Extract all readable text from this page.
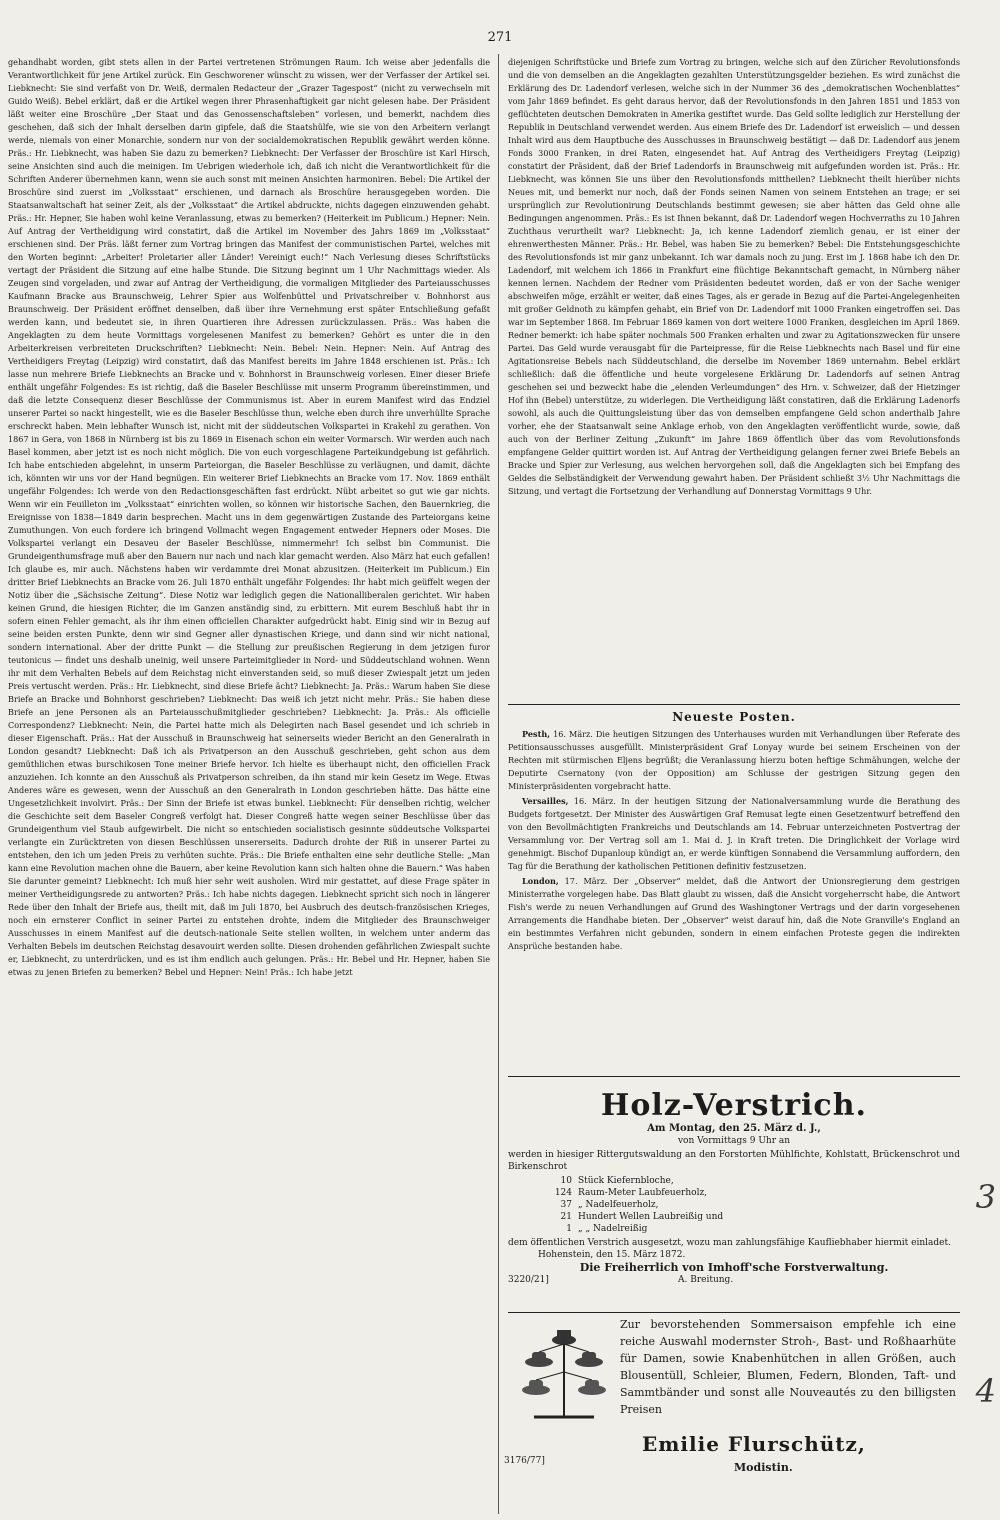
271

gehandhabt worden, gibt stets allen in der Partei vertretenen Strömungen Raum. Ich weise aber jedenfalls die Verantwortlichkeit für jene Artikel zurück. Ein Geschworener wünscht zu wissen, wer der Verfasser der Artikel sei. Liebknecht: Sie sind verfaßt von Dr. Weiß, dermalen Redacteur der „Grazer Tagespost“ (nicht zu verwechseln mit Guido Weiß). Bebel erklärt, daß er die Artikel wegen ihrer Phrasenhaftigkeit gar nicht gelesen habe. Der Präsident läßt weiter eine Broschüre „Der Staat und das Genossenschaftsleben“ vorlesen, und bemerkt, nachdem dies geschehen, daß sich der Inhalt derselben darin gipfele, daß die Staatshülfe, wie sie von den Arbeitern verlangt werde, niemals von einer Monarchie, sondern nur von der socialdemokratischen Republik gewährt werden könne. Präs.: Hr. Liebknecht, was haben Sie dazu zu bemerken? Liebknecht: Der Verfasser der Broschüre ist Karl Hirsch, seine Ansichten sind auch die meinigen. Im Uebrigen wiederhole ich, daß ich nicht die Verantwortlichkeit für die Schriften Anderer übernehmen kann, wenn sie auch sonst mit meinen Ansichten harmoniren. Bebel: Die Artikel der Broschüre sind zuerst im „Volksstaat“ erschienen, und darnach als Broschüre herausgegeben worden. Die Staatsanwaltschaft hat seiner Zeit, als der „Volksstaat“ die Artikel abdruckte, nichts dagegen einzuwenden gehabt. Präs.: Hr. Hepner, Sie haben wohl keine Veranlassung, etwas zu bemerken? (Heiterkeit im Publicum.) Hepner: Nein. Auf Antrag der Vertheidigung wird constatirt, daß die Artikel im November des Jahrs 1869 im „Volksstaat“ erschienen sind. Der Präs. läßt ferner zum Vortrag bringen das Manifest der communistischen Partei, welches mit den Worten beginnt: „Arbeiter! Proletarier aller Länder! Vereinigt euch!“ Nach Verlesung dieses Schriftstücks vertagt der Präsident die Sitzung auf eine halbe Stunde. Die Sitzung beginnt um 1 Uhr Nachmittags wieder. Als Zeugen sind vorgeladen, und zwar auf Antrag der Vertheidigung, die vormaligen Mitglieder des Parteiausschusses Kaufmann Bracke aus Braunschweig, Lehrer Spier aus Wolfenbüttel und Privatschreiber v. Bohnhorst aus Braunschweig. Der Präsident eröffnet denselben, daß über ihre Vernehmung erst später Entschließung gefaßt werden kann, und bedeutet sie, in ihren Quartieren ihre Adressen zurückzulassen. Präs.: Was haben die Angeklagten zu dem heute Vormittags vorgelesenen Manifest zu bemerken? Gehört es unter die in den Arbeiterkreisen verbreiteten Druckschriften? Liebknecht: Nein. Bebel: Nein. Hepner: Nein. Auf Antrag des Vertheidigers Freytag (Leipzig) wird constatirt, daß das Manifest bereits im Jahre 1848 erschienen ist. Präs.: Ich lasse nun mehrere Briefe Liebknechts an Bracke und v. Bohnhorst in Braunschweig vorlesen. Einer dieser Briefe enthält ungefähr Folgendes: Es ist richtig, daß die Baseler Beschlüsse mit unserm Programm übereinstimmen, und daß die letzte Consequenz dieser Beschlüsse der Communismus ist. Aber in eurem Manifest wird das Endziel unserer Partei so nackt hingestellt, wie es die Baseler Beschlüsse thun, welche eben durch ihre unverhüllte Sprache erschreckt haben. Mein lebhafter Wunsch ist, nicht mit der süddeutschen Volkspartei in Krakehl zu gerathen. Von 1867 in Gera, von 1868 in Nürnberg ist bis zu 1869 in Eisenach schon ein weiter Vormarsch. Wir werden auch nach Basel kommen, aber jetzt ist es noch nicht möglich. Die von euch vorgeschlagene Parteikundgebung ist gefährlich. Ich habe entschieden abgelehnt, in unserm Parteiorgan, die Baseler Beschlüsse zu verläugnen, und damit, dächte ich, könnten wir uns vor der Hand begnügen. Ein weiterer Brief Liebknechts an Bracke vom 17. Nov. 1869 enthält ungefähr Folgendes: Ich werde von den Redactionsgeschäften fast erdrückt. Nübt arbeitet so gut wie gar nichts. Wenn wir ein Feuilleton im „Volksstaat“ einrichten wollen, so können wir historische Sachen, den Bauernkrieg, die Ereignisse von 1838—1849 darin besprechen. Macht uns in dem gegenwärtigen Zustande des Parteiorgans keine Zumuthungen. Von euch fordere ich bringend Vollmacht wegen Engagement entweder Hepners oder Moses. Die Volkspartei verlangt ein Desaveu der Baseler Beschlüsse, nimmermehr! Ich selbst bin Communist. Die Grundeigenthumsfrage muß aber den Bauern nur nach und nach klar gemacht werden. Also März hat euch gefallen! Ich glaube es, mir auch. Nächstens haben wir verdammte drei Monat abzusitzen. (Heiterkeit im Publicum.) Ein dritter Brief Liebknechts an Bracke vom 26. Juli 1870 enthält ungefähr Folgendes: Ihr habt mich geüffelt wegen der Notiz über die „Sächsische Zeitung“. Diese Notiz war lediglich gegen die Nationalliberalen gerichtet. Wir haben keinen Grund, die hiesigen Richter, die im Ganzen anständig sind, zu erbittern. Mit eurem Beschluß habt ihr in sofern einen Fehler gemacht, als ihr ihm einen officiellen Charakter aufgedrückt habt. Einig sind wir in Bezug auf seine beiden ersten Punkte, denn wir sind Gegner aller dynastischen Kriege, und dann sind wir nicht national, sondern international. Aber der dritte Punkt — die Stellung zur preußischen Regierung in dem jetzigen furor teutonicus — findet uns deshalb uneinig, weil unsere Parteimitglieder in Nord- und Süddeutschland wohnen. Wenn ihr mit dem Verhalten Bebels auf dem Reichstag nicht einverstanden seid, so muß dieser Zwiespalt jetzt um jeden Preis vertuscht werden. Präs.: Hr. Liebknecht, sind diese Briefe ächt? Liebknecht: Ja. Präs.: Warum haben Sie diese Briefe an Bracke und Bohnhorst geschrieben? Liebknecht: Das weiß ich jetzt nicht mehr. Präs.: Sie haben diese Briefe an jene Personen als an Parteiausschußmitglieder geschrieben? Liebknecht: Ja. Präs.: Als officielle Correspondenz? Liebknecht: Nein, die Partei hatte mich als Delegirten nach Basel gesendet und ich schrieb in dieser Eigenschaft. Präs.: Hat der Ausschuß in Braunschweig hat seinerseits wieder Bericht an den Generalrath in London gesandt? Liebknecht: Daß ich als Privatperson an den Ausschuß geschrieben, geht schon aus dem gemüthlichen etwas burschikosen Tone meiner Briefe hervor. Ich hielte es überhaupt nicht, den officiellen Frack anzuziehen. Ich konnte an den Ausschuß als Privatperson schreiben, da ihn stand mir kein Gesetz im Wege. Etwas Anderes wäre es gewesen, wenn der Ausschuß an den Generalrath in London geschrieben hätte. Das hätte eine Ungesetzlichkeit involvirt. Präs.: Der Sinn der Briefe ist etwas bunkel. Liebknecht: Für denselben richtig, welcher die Geschichte seit dem Baseler Congreß verfolgt hat. Dieser Congreß hatte wegen seiner Beschlüsse über das Grundeigenthum viel Staub aufgewirbelt. Die nicht so entschieden socialistisch gesinnte süddeutsche Volkspartei verlangte ein Zurücktreten von diesen Beschlüssen unsererseits. Dadurch drohte der Riß in unserer Partei zu entstehen, den ich um jeden Preis zu verhüten suchte. Präs.: Die Briefe enthalten eine sehr deutliche Stelle: „Man kann eine Revolution machen ohne die Bauern, aber keine Revolution kann sich halten ohne die Bauern.“ Was haben Sie darunter gemeint? Liebknecht: Ich muß hier sehr weit ausholen. Wird mir gestattet, auf diese Frage später in meiner Vertheidigungsrede zu antworten? Präs.: Ich habe nichts dagegen. Liebknecht spricht sich noch in längerer Rede über den Inhalt der Briefe aus, theilt mit, daß im Juli 1870, bei Ausbruch des deutsch-französischen Krieges, noch ein ernsterer Conflict in seiner Partei zu entstehen drohte, indem die Mitglieder des Braunschweiger Ausschusses in einem Manifest auf die deutsch-nationale Seite stellen wollten, in welchem unter anderm das Verhalten Bebels im deutschen Reichstag desavouirt werden sollte. Diesen drohenden gefährlichen Zwiespalt suchte er, Liebknecht, zu unterdrücken, und es ist ihm endlich auch gelungen. Präs.: Hr. Bebel und Hr. Hepner, haben Sie etwas zu jenen Briefen zu bemerken? Bebel und Hepner: Nein! Präs.: Ich habe jetzt

diejenigen Schriftstücke und Briefe zum Vortrag zu bringen, welche sich auf den Züricher Revolutionsfonds und die von demselben an die Angeklagten gezahlten Unterstützungsgelder beziehen. Es wird zunächst die Erklärung des Dr. Ladendorf verlesen, welche sich in der Nummer 36 des „demokratischen Wochenblattes“ vom Jahr 1869 befindet. Es geht daraus hervor, daß der Revolutionsfonds in den Jahren 1851 und 1853 von geflüchteten deutschen Demokraten in Amerika gestiftet wurde. Das Geld sollte lediglich zur Herstellung der Republik in Deutschland verwendet werden. Aus einem Briefe des Dr. Ladendorf ist erweislich — und dessen Inhalt wird aus dem Hauptbuche des Ausschusses in Braunschweig bestätigt — daß Dr. Ladendorf aus jenem Fonds 3000 Franken, in drei Raten, eingesendet hat. Auf Antrag des Vertheidigers Freytag (Leipzig) constatirt der Präsident, daß der Brief Ladendorfs in Braunschweig mit aufgefunden worden ist. Präs.: Hr. Liebknecht, was können Sie uns über den Revolutionsfonds mittheilen? Liebknecht theilt hierüber nichts Neues mit, und bemerkt nur noch, daß der Fonds seinen Namen von seinem Entstehen an trage; er sei ursprünglich zur Revolutionirung Deutschlands bestimmt gewesen; sie aber hätten das Geld ohne alle Bedingungen angenommen. Präs.: Es ist Ihnen bekannt, daß Dr. Ladendorf wegen Hochverraths zu 10 Jahren Zuchthaus verurtheilt war? Liebknecht: Ja, ich kenne Ladendorf ziemlich genau, er ist einer der ehrenwerthesten Männer. Präs.: Hr. Bebel, was haben Sie zu bemerken? Bebel: Die Entstehungsgeschichte des Revolutionsfonds ist mir ganz unbekannt. Ich war damals noch zu jung. Erst im J. 1868 habe ich den Dr. Ladendorf, mit welchem ich 1866 in Frankfurt eine flüchtige Bekanntschaft gemacht, in Nürnberg näher kennen lernen. Nachdem der Redner vom Präsidenten bedeutet worden, daß er von der Sache weniger abschweifen möge, erzählt er weiter, daß eines Tages, als er gerade in Bezug auf die Partei-Angelegenheiten mit großer Geldnoth zu kämpfen gehabt, ein Brief von Dr. Ladendorf mit 1000 Franken eingetroffen sei. Das war im September 1868. Im Februar 1869 kamen von dort weitere 1000 Franken, desgleichen im April 1869. Redner bemerkt: ich habe später nochmals 500 Franken erhalten und zwar zu Agitationszwecken für unsere Partei. Das Geld wurde verausgabt für die Parteipresse, für die Reise Liebknechts nach Basel und für eine Agitationsreise Bebels nach Süddeutschland, die derselbe im November 1869 unternahm. Bebel erklärt schließlich: daß die öffentliche und heute vorgelesene Erklärung Dr. Ladendorfs auf seinen Antrag geschehen sei und bezweckt habe die „elenden Verleumdungen“ des Hrn. v. Schweizer, daß der Hietzinger Hof ihn (Bebel) unterstütze, zu widerlegen. Die Vertheidigung läßt constatiren, daß die Erklärung Ladenorfs sowohl, als auch die Quittungsleistung über das von demselben empfangene Geld schon anderthalb Jahre vorher, ehe der Staatsanwalt seine Anklage erhob, von den Angeklagten veröffentlicht wurde, sowie, daß auch von der Berliner Zeitung „Zukunft“ im Jahre 1869 öffentlich über das vom Revolutionsfonds empfangene Gelder quittirt worden ist. Auf Antrag der Vertheidigung gelangen ferner zwei Briefe Bebels an Bracke und Spier zur Verlesung, aus welchen hervorgehen soll, daß die Angeklagten sich bei Empfang des Geldes die Selbständigkeit der Verwendung gewahrt haben. Der Präsident schließt 3½ Uhr Nachmittags die Sitzung, und vertagt die Fortsetzung der Verhandlung auf Donnerstag Vormittags 9 Uhr.

Neueste Posten.

Pesth, 16. März. Die heutigen Sitzungen des Unterhauses wurden mit Verhandlungen über Referate des Petitionsausschusses ausgefüllt. Ministerpräsident Graf Lonyay wurde bei seinem Erscheinen von der Rechten mit stürmischen Eljens begrüßt; die Veranlassung hierzu boten heftige Schmähungen, welche der Deputirte Csernatony (von der Opposition) am Schlusse der gestrigen Sitzung gegen den Ministerpräsidenten vorgebracht hatte.

Versailles, 16. März. In der heutigen Sitzung der Nationalversammlung wurde die Berathung des Budgets fortgesetzt. Der Minister des Auswärtigen Graf Remusat legte einen Gesetzentwurf betreffend den von den Bevollmächtigten Frankreichs und Deutschlands am 14. Februar unterzeichneten Postvertrag der Versammlung vor. Der Vertrag soll am 1. Mai d. J. in Kraft treten. Die Dringlichkeit der Vorlage wird genehmigt. Bischof Dupanloup kündigt an, er werde künftigen Sonnabend die Versammlung auffordern, den Tag für die Berathung der katholischen Petitionen definitiv festzusetzen.

London, 17. März. Der „Observer“ meldet, daß die Antwort der Unionsregierung dem gestrigen Ministerrathe vorgelegen habe. Das Blatt glaubt zu wissen, daß die Ansicht vorgeherrscht habe, die Antwort Fish's werde zu neuen Verhandlungen auf Grund des Washingtoner Vertrags und der darin vorgesehenen Arrangements die Handhabe bieten. Der „Observer“ weist darauf hin, daß die Note Granville's England an ein bestimmtes Verfahren nicht gebunden, sondern in einem einfachen Proteste gegen die indirekten Ansprüche bestanden habe.

Holz-Verstrich.
Am Montag, den 25. März d. J.,
von Vormittags 9 Uhr an
werden in hiesiger Rittergutswaldung an den Forstorten Mühlfichte, Kohlstatt, Brückenschrot und Birkenschrot
10 Stück Kiefernbloche,
124 Raum-Meter Laubfeuerholz,
37 „ Nadelfeuerholz,
21 Hundert Wellen Laubreißig und
1 „ „ Nadelreißig
dem öffentlichen Verstrich ausgesetzt, wozu man zahlungsfähige Kaufliebhaber hiermit einladet.
Hohenstein, den 15. März 1872.
Die Freiherrlich von Imhoff'sche Forstverwaltung.
3220/21]	A. Breitung.
Zur bevorstehenden Sommersaison empfehle ich eine reiche Auswahl modernster Stroh-, Bast- und Roßhaarhüte für Damen, sowie Knabenhütchen in allen Größen, auch Blousentüll, Schleier, Blumen, Federn, Blonden, Taft- und Sammtbänder und sonst alle Nouveautés zu den billigsten Preisen
Emilie Flurschütz,
Modistin.
3176/77]
3
4
